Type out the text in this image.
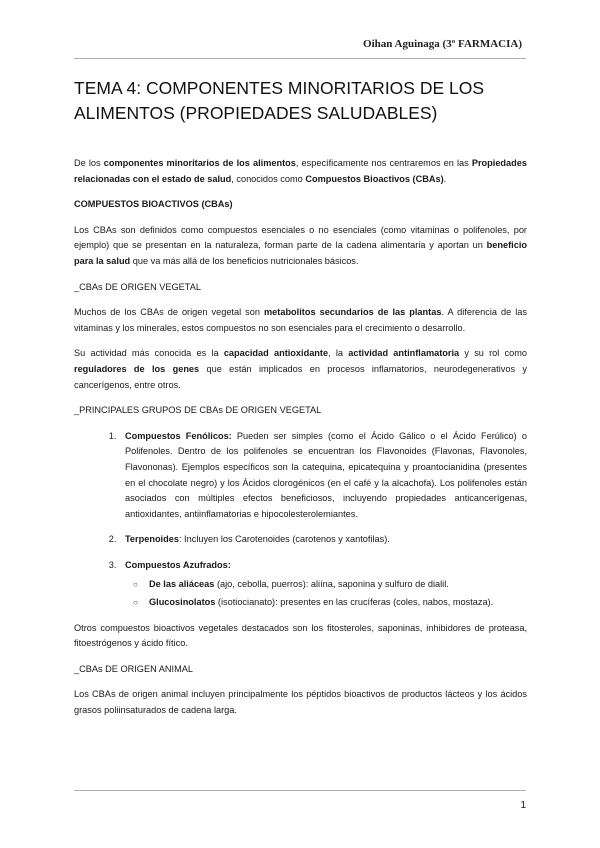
Oihan Aguinaga (3º FARMACIA)
TEMA 4: COMPONENTES MINORITARIOS DE LOS ALIMENTOS (PROPIEDADES SALUDABLES)

De los componentes minoritarios de los alimentos, específicamente nos centraremos en las Propiedades relacionadas con el estado de salud, conocidos como Compuestos Bioactivos (CBAs).

COMPUESTOS BIOACTIVOS (CBAs)

Los CBAs son definidos como compuestos esenciales o no esenciales (como vitaminas o polifenoles, por ejemplo) que se presentan en la naturaleza, forman parte de la cadena alimentaria y aportan un beneficio para la salud que va más allá de los beneficios nutricionales básicos.

_CBAs DE ORIGEN VEGETAL

Muchos de los CBAs de origen vegetal son metabolitos secundarios de las plantas. A diferencia de las vitaminas y los minerales, estos compuestos no son esenciales para el crecimiento o desarrollo.

Su actividad más conocida es la capacidad antioxidante, la actividad antinflamatoria y su rol como reguladores de los genes que están implicados en procesos inflamatorios, neurodegenerativos y cancerígenos, entre otros.

_PRINCIPALES GRUPOS DE CBAs DE ORIGEN VEGETAL

1. Compuestos Fenólicos: Pueden ser simples (como el Ácido Gálico o el Ácido Ferúlico) o Polifenoles. Dentro de los polifenoles se encuentran los Flavonoides (Flavonas, Flavonoles, Flavononas). Ejemplos específicos son la catequina, epicatequina y proantocianidina (presentes en el chocolate negro) y los Ácidos clorogénicos (en el café y la alcachofa). Los polifenoles están asociados con múltiples efectos beneficiosos, incluyendo propiedades anticancerígenas, antioxidantes, antiinflamatorias e hipocolesterolemiantes.
2. Terpenoides: Incluyen los Carotenoides (carotenos y xantofilas).
3. Compuestos Azufrados:
○ De las aliáceas (ajo, cebolla, puerros): aliína, saponina y sulfuro de dialil.
○ Glucosinolatos (isotiocianato): presentes en las crucíferas (coles, nabos, mostaza).

Otros compuestos bioactivos vegetales destacados son los fitosteroles, saponinas, inhibidores de proteasa, fitoestrógenos y ácido fítico.

_CBAs DE ORIGEN ANIMAL

Los CBAs de origen animal incluyen principalmente los péptidos bioactivos de productos lácteos y los ácidos grasos poliinsaturados de cadena larga.

1
